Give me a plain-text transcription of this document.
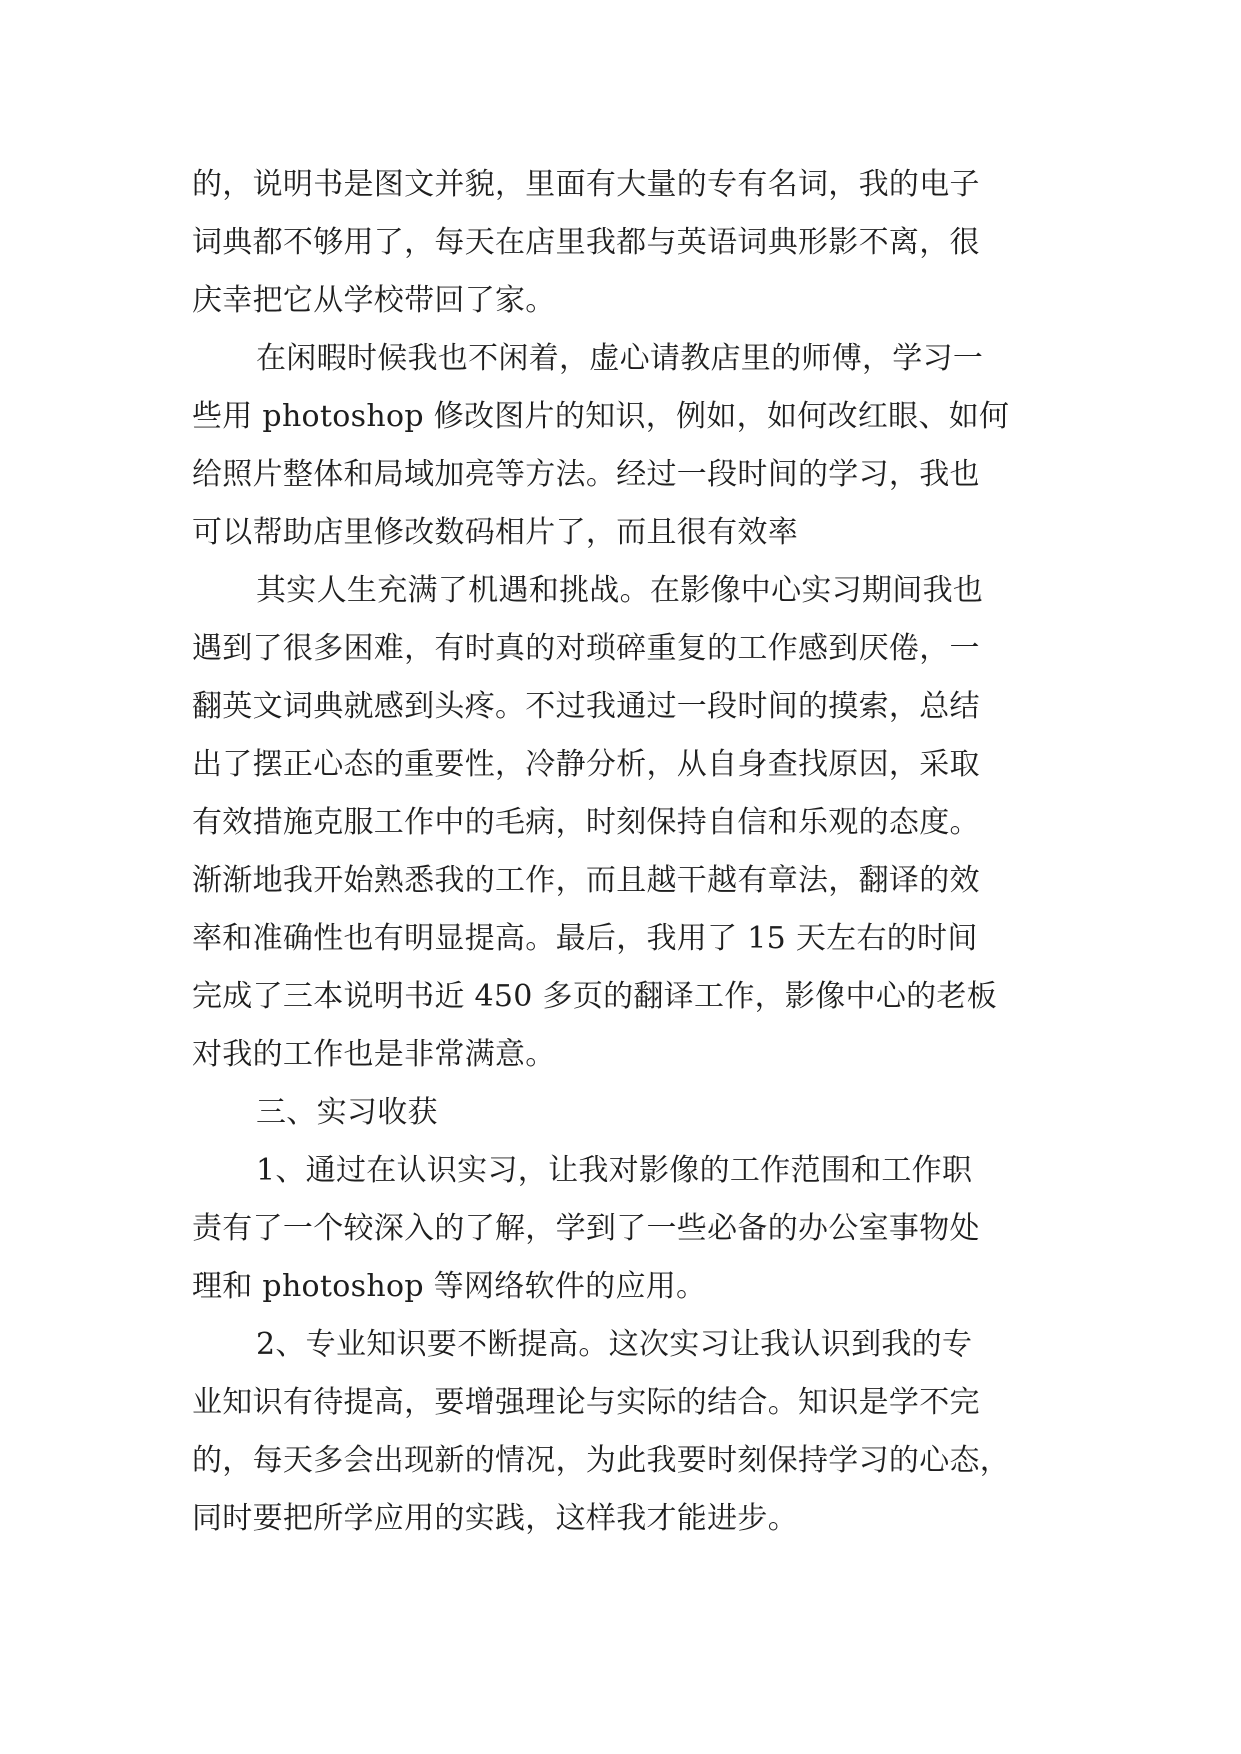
的，说明书是图文并貌，里面有大量的专有名词，我的电子
词典都不够用了，每天在店里我都与英语词典形影不离，很
庆幸把它从学校带回了家。
在闲暇时候我也不闲着，虚心请教店里的师傅，学习一
些用 photoshop 修改图片的知识，例如，如何改红眼、如何
给照片整体和局域加亮等方法。经过一段时间的学习，我也
可以帮助店里修改数码相片了，而且很有效率
其实人生充满了机遇和挑战。在影像中心实习期间我也
遇到了很多困难，有时真的对琐碎重复的工作感到厌倦，一
翻英文词典就感到头疼。不过我通过一段时间的摸索，总结
出了摆正心态的重要性，冷静分析，从自身查找原因，采取
有效措施克服工作中的毛病，时刻保持自信和乐观的态度。
渐渐地我开始熟悉我的工作，而且越干越有章法，翻译的效
率和准确性也有明显提高。最后，我用了 15 天左右的时间
完成了三本说明书近 450 多页的翻译工作，影像中心的老板
对我的工作也是非常满意。
三、实习收获
1、通过在认识实习，让我对影像的工作范围和工作职
责有了一个较深入的了解，学到了一些必备的办公室事物处
理和 photoshop 等网络软件的应用。
2、专业知识要不断提高。这次实习让我认识到我的专
业知识有待提高，要增强理论与实际的结合。知识是学不完
的，每天多会出现新的情况，为此我要时刻保持学习的心态，
同时要把所学应用的实践，这样我才能进步。
